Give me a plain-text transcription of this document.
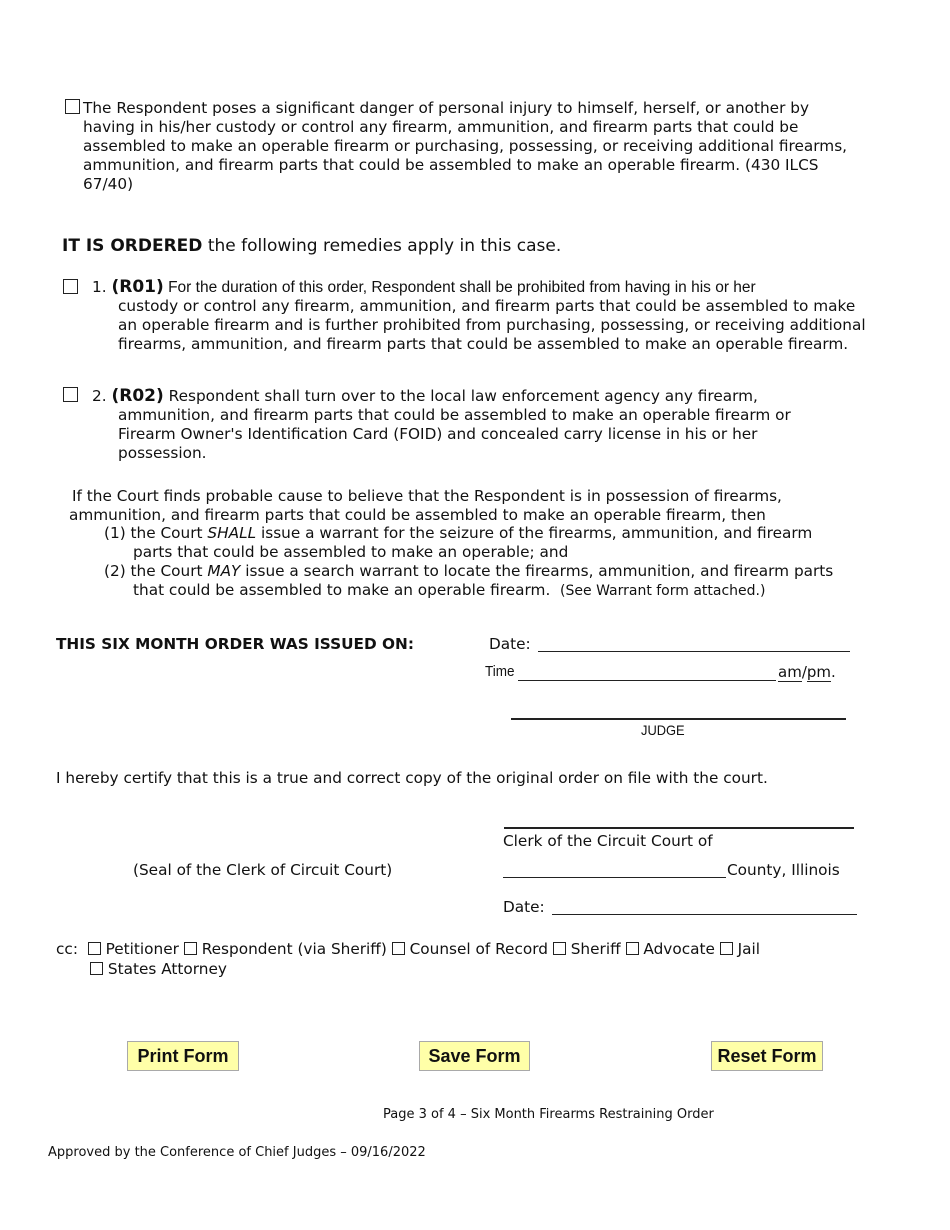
The Respondent poses a significant danger of personal injury to himself, herself, or another by having in his/her custody or control any firearm, ammunition, and firearm parts that could be assembled to make an operable firearm or purchasing, possessing, or receiving additional firearms, ammunition, and firearm parts that could be assembled to make an operable firearm. (430 ILCS 67/40)
IT IS ORDERED the following remedies apply in this case.
1. (R01) For the duration of this order, Respondent shall be prohibited from having in his or her
custody or control any firearm, ammunition, and firearm parts that could be assembled to make an operable firearm and is further prohibited from purchasing, possessing, or receiving additional firearms, ammunition, and firearm parts that could be assembled to make an operable firearm.
2. (R02) Respondent shall turn over to the local law enforcement agency any firearm,
ammunition, and firearm parts that could be assembled to make an operable firearm or Firearm Owner's Identification Card (FOID) and concealed carry license in his or her possession.
If the Court finds probable cause to believe that the Respondent is in possession of firearms, ammunition, and firearm parts that could be assembled to make an operable firearm, then
(1) the Court SHALL issue a warrant for the seizure of the firearms, ammunition, and firearm
parts that could be assembled to make an operable; and
(2) the Court MAY issue a search warrant to locate the firearms, ammunition, and firearm parts
that could be assembled to make an operable firearm. (See Warrant form attached.)
THIS SIX MONTH ORDER WAS ISSUED ON:	Date:
Time	am/pm.
JUDGE
I hereby certify that this is a true and correct copy of the original order on file with the court.
Clerk of the Circuit Court of
(Seal of the Clerk of Circuit Court)	County, Illinois
Date:
cc: Petitioner Respondent (via Sheriff) Counsel of Record Sheriff Advocate Jail
States Attorney
Print Form	Save Form	Reset Form
Page 3 of 4 – Six Month Firearms Restraining Order
Approved by the Conference of Chief Judges – 09/16/2022
